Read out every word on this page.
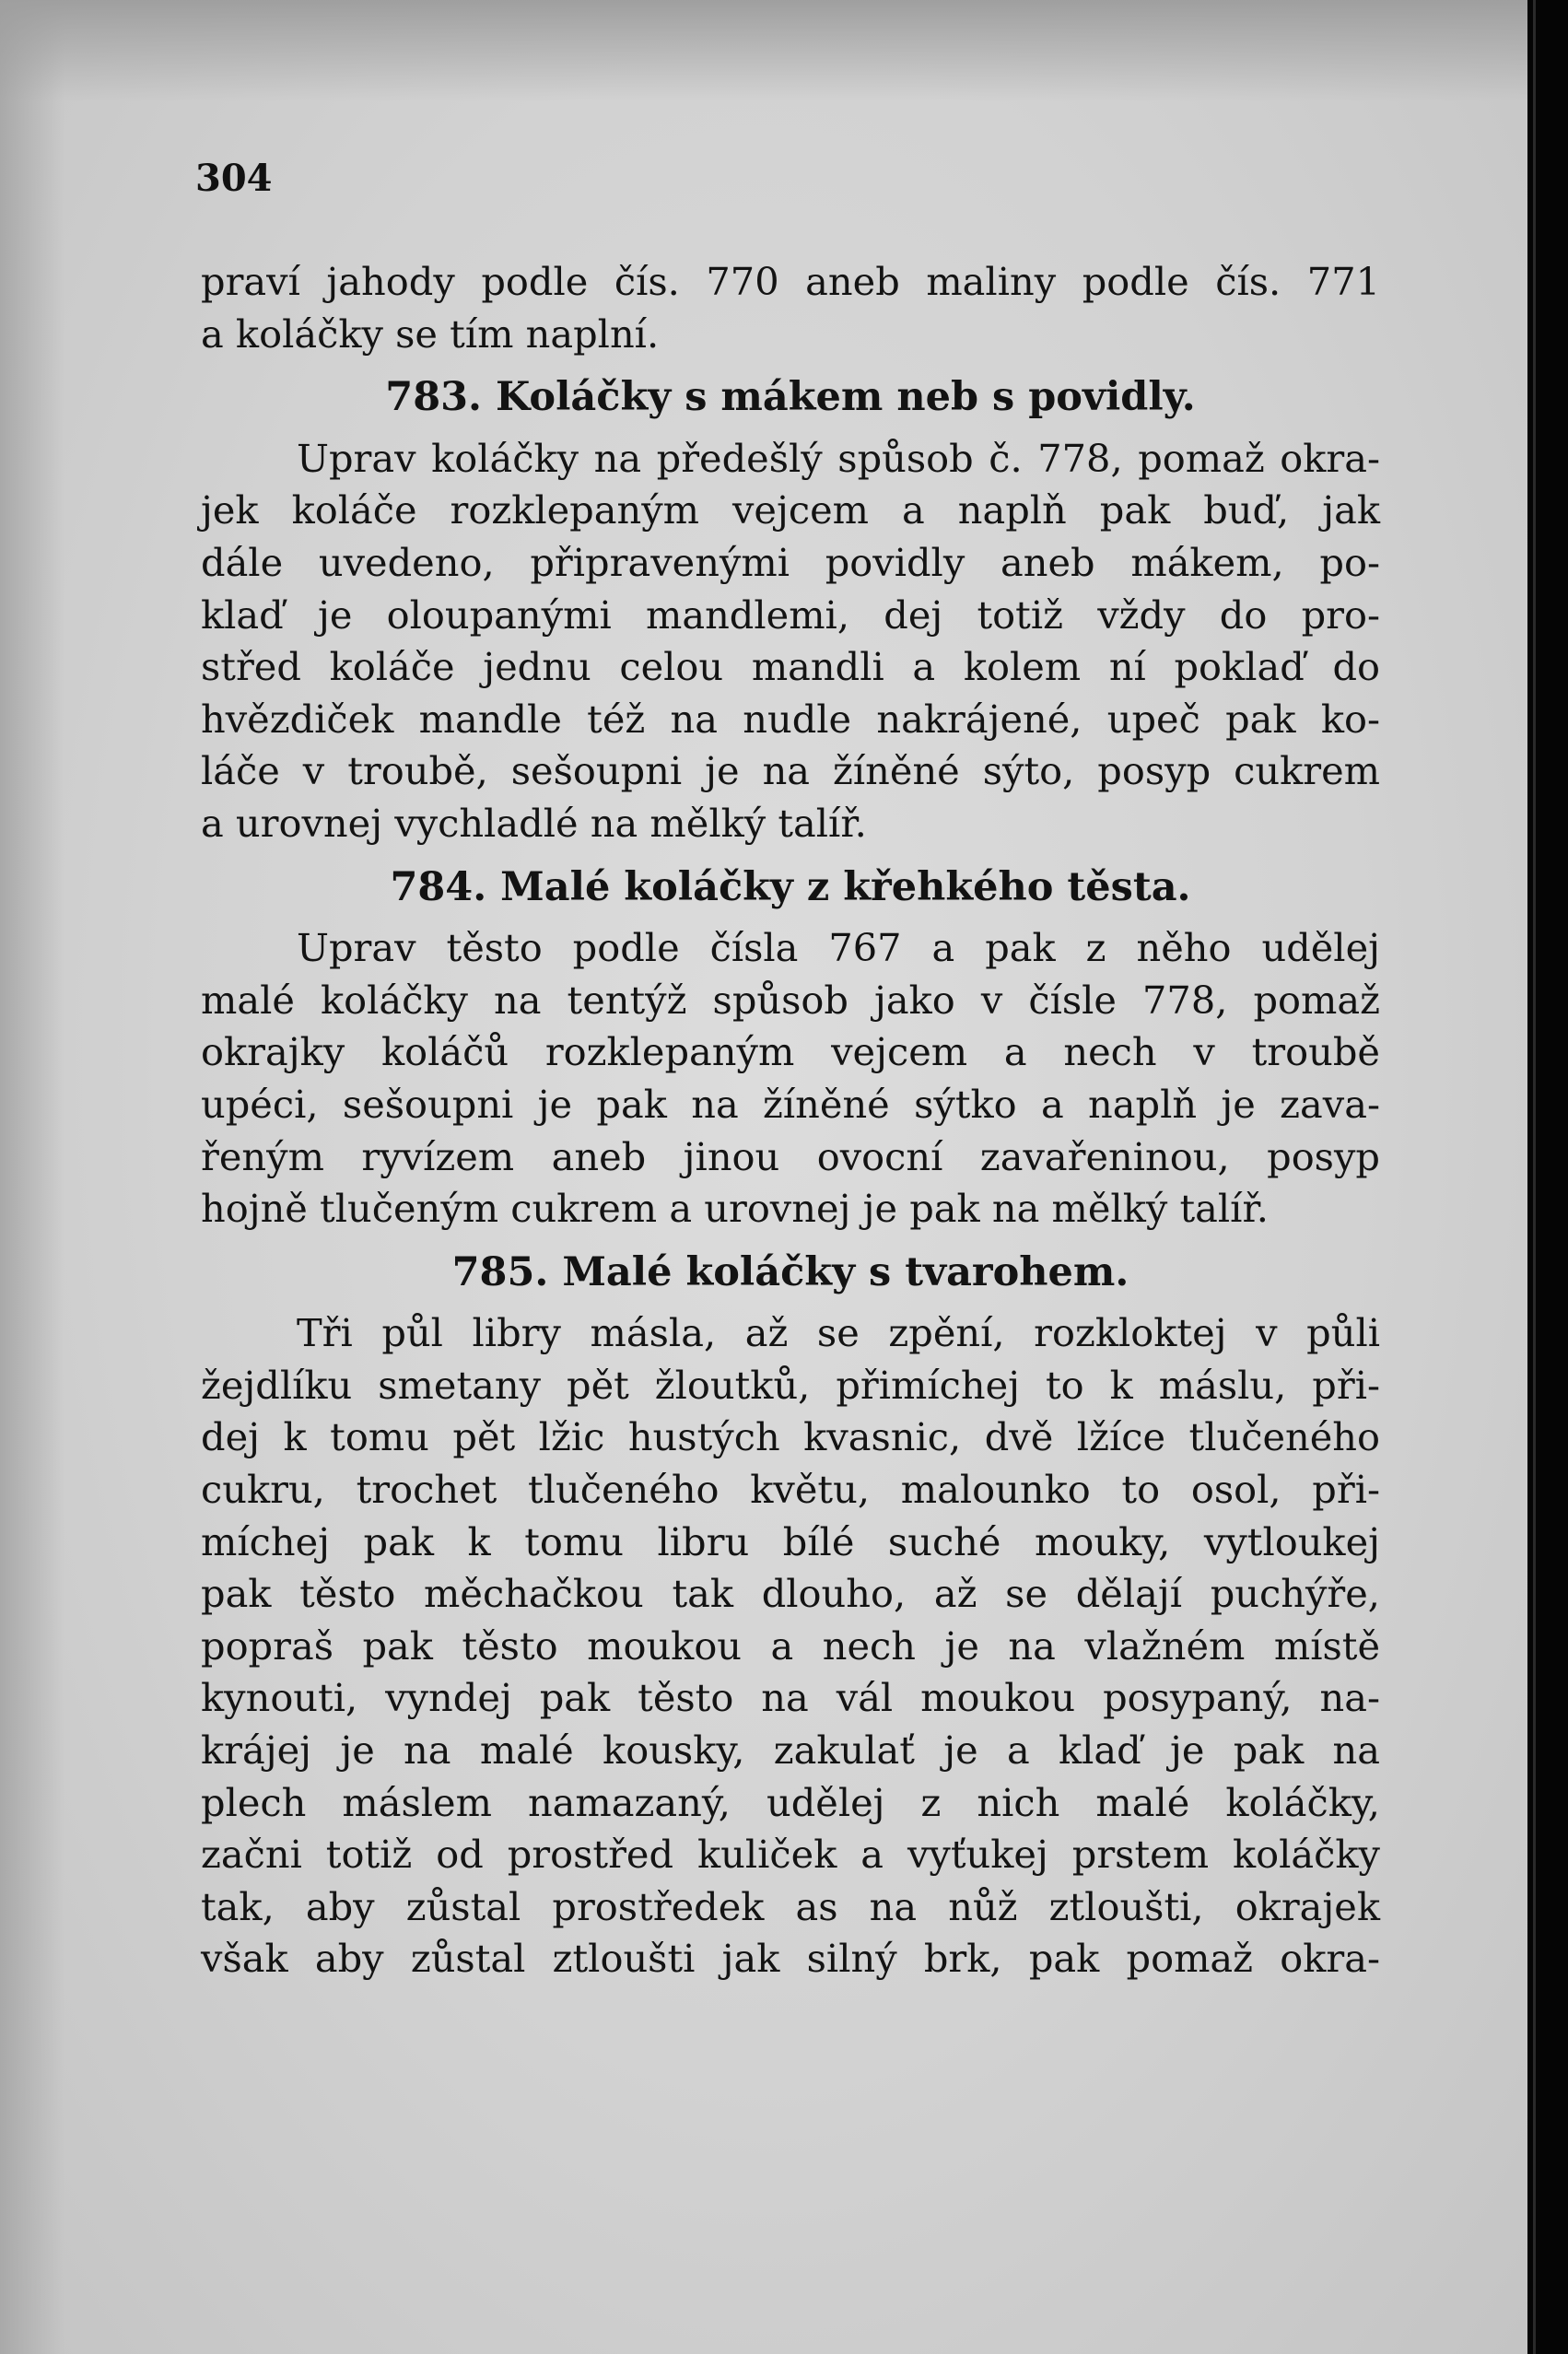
304
praví jahody podle čís. 770 aneb maliny podle čís. 771
a koláčky se tím naplní.
783. Koláčky s mákem neb s povidly.
Uprav koláčky na předešlý spůsob č. 778, pomaž okra-
jek koláče rozklepaným vejcem a naplň pak buď, jak
dále uvedeno, připravenými povidly aneb mákem, po-
klaď je oloupanými mandlemi, dej totiž vždy do pro-
střed koláče jednu celou mandli a kolem ní poklaď do
hvězdiček mandle též na nudle nakrájené, upeč pak ko-
láče v troubě, sešoupni je na žíněné sýto, posyp cukrem
a urovnej vychladlé na mělký talíř.
784. Malé koláčky z křehkého těsta.
Uprav těsto podle čísla 767 a pak z něho udělej
malé koláčky na tentýž spůsob jako v čísle 778, pomaž
okrajky koláčů rozklepaným vejcem a nech v troubě
upéci, sešoupni je pak na žíněné sýtko a naplň je zava-
řeným ryvízem aneb jinou ovocní zavařeninou, posyp
hojně tlučeným cukrem a urovnej je pak na mělký talíř.
785. Malé koláčky s tvarohem.
Tři půl libry másla, až se zpění, rozkloktej v půli
žejdlíku smetany pět žloutků, přimíchej to k máslu, při-
dej k tomu pět lžic hustých kvasnic, dvě lžíce tlučeného
cukru, trochet tlučeného květu, malounko to osol, při-
míchej pak k tomu libru bílé suché mouky, vytloukej
pak těsto měchačkou tak dlouho, až se dělají puchýře,
popraš pak těsto moukou a nech je na vlažném místě
kynouti, vyndej pak těsto na vál moukou posypaný, na-
krájej je na malé kousky, zakulať je a klaď je pak na
plech máslem namazaný, udělej z nich malé koláčky,
začni totiž od prostřed kuliček a vyťukej prstem koláčky
tak, aby zůstal prostředek as na nůž ztloušti, okrajek
však aby zůstal ztloušti jak silný brk, pak pomaž okra-
